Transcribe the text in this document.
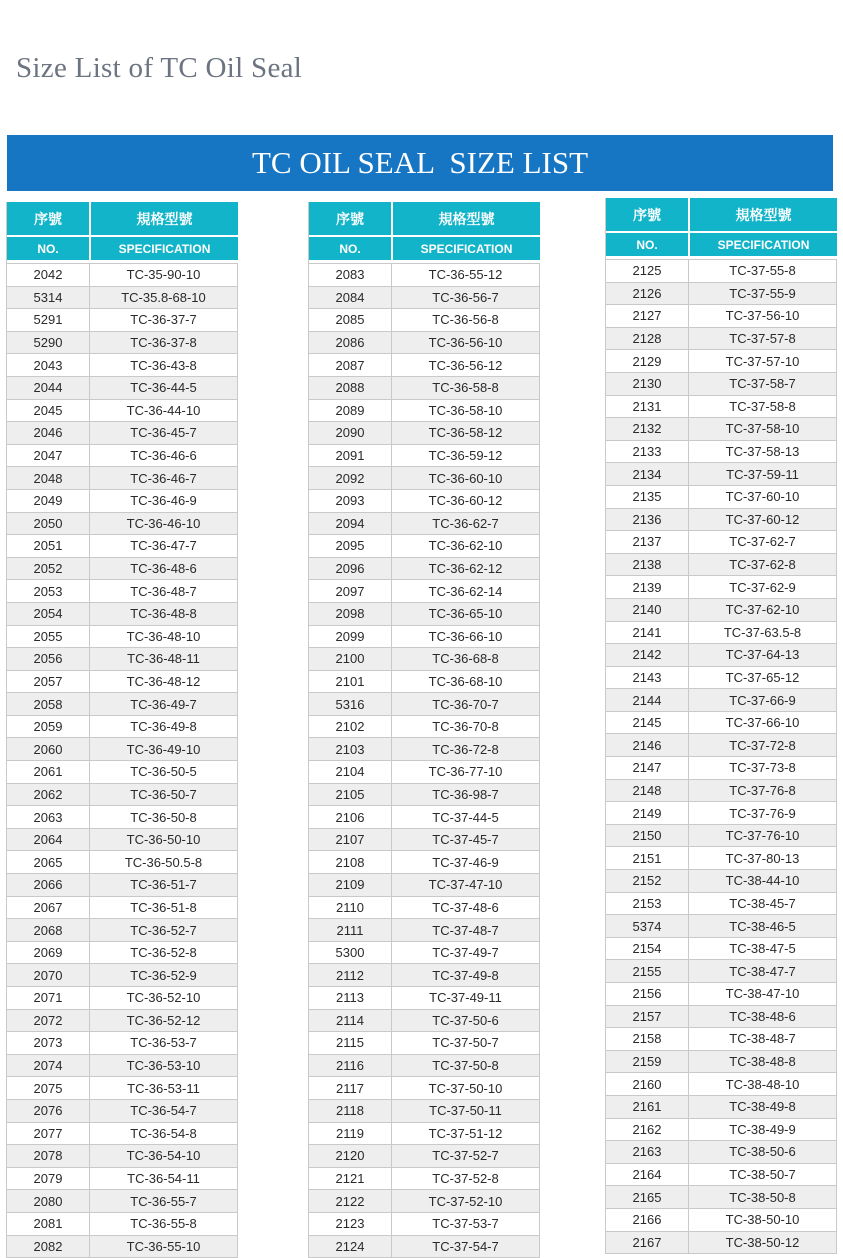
Size List of TC Oil Seal
TC OIL SEAL  SIZE LIST
序號
NO.
規格型號
SPECIFICATION
2042	TC-35-90-10
5314	TC-35.8-68-10
5291	TC-36-37-7
5290	TC-36-37-8
2043	TC-36-43-8
2044	TC-36-44-5
2045	TC-36-44-10
2046	TC-36-45-7
2047	TC-36-46-6
2048	TC-36-46-7
2049	TC-36-46-9
2050	TC-36-46-10
2051	TC-36-47-7
2052	TC-36-48-6
2053	TC-36-48-7
2054	TC-36-48-8
2055	TC-36-48-10
2056	TC-36-48-11
2057	TC-36-48-12
2058	TC-36-49-7
2059	TC-36-49-8
2060	TC-36-49-10
2061	TC-36-50-5
2062	TC-36-50-7
2063	TC-36-50-8
2064	TC-36-50-10
2065	TC-36-50.5-8
2066	TC-36-51-7
2067	TC-36-51-8
2068	TC-36-52-7
2069	TC-36-52-8
2070	TC-36-52-9
2071	TC-36-52-10
2072	TC-36-52-12
2073	TC-36-53-7
2074	TC-36-53-10
2075	TC-36-53-11
2076	TC-36-54-7
2077	TC-36-54-8
2078	TC-36-54-10
2079	TC-36-54-11
2080	TC-36-55-7
2081	TC-36-55-8
2082	TC-36-55-10
序號
NO.
規格型號
SPECIFICATION
2083	TC-36-55-12
2084	TC-36-56-7
2085	TC-36-56-8
2086	TC-36-56-10
2087	TC-36-56-12
2088	TC-36-58-8
2089	TC-36-58-10
2090	TC-36-58-12
2091	TC-36-59-12
2092	TC-36-60-10
2093	TC-36-60-12
2094	TC-36-62-7
2095	TC-36-62-10
2096	TC-36-62-12
2097	TC-36-62-14
2098	TC-36-65-10
2099	TC-36-66-10
2100	TC-36-68-8
2101	TC-36-68-10
5316	TC-36-70-7
2102	TC-36-70-8
2103	TC-36-72-8
2104	TC-36-77-10
2105	TC-36-98-7
2106	TC-37-44-5
2107	TC-37-45-7
2108	TC-37-46-9
2109	TC-37-47-10
2110	TC-37-48-6
2111	TC-37-48-7
5300	TC-37-49-7
2112	TC-37-49-8
2113	TC-37-49-11
2114	TC-37-50-6
2115	TC-37-50-7
2116	TC-37-50-8
2117	TC-37-50-10
2118	TC-37-50-11
2119	TC-37-51-12
2120	TC-37-52-7
2121	TC-37-52-8
2122	TC-37-52-10
2123	TC-37-53-7
2124	TC-37-54-7
序號
NO.
規格型號
SPECIFICATION
2125	TC-37-55-8
2126	TC-37-55-9
2127	TC-37-56-10
2128	TC-37-57-8
2129	TC-37-57-10
2130	TC-37-58-7
2131	TC-37-58-8
2132	TC-37-58-10
2133	TC-37-58-13
2134	TC-37-59-11
2135	TC-37-60-10
2136	TC-37-60-12
2137	TC-37-62-7
2138	TC-37-62-8
2139	TC-37-62-9
2140	TC-37-62-10
2141	TC-37-63.5-8
2142	TC-37-64-13
2143	TC-37-65-12
2144	TC-37-66-9
2145	TC-37-66-10
2146	TC-37-72-8
2147	TC-37-73-8
2148	TC-37-76-8
2149	TC-37-76-9
2150	TC-37-76-10
2151	TC-37-80-13
2152	TC-38-44-10
2153	TC-38-45-7
5374	TC-38-46-5
2154	TC-38-47-5
2155	TC-38-47-7
2156	TC-38-47-10
2157	TC-38-48-6
2158	TC-38-48-7
2159	TC-38-48-8
2160	TC-38-48-10
2161	TC-38-49-8
2162	TC-38-49-9
2163	TC-38-50-6
2164	TC-38-50-7
2165	TC-38-50-8
2166	TC-38-50-10
2167	TC-38-50-12
